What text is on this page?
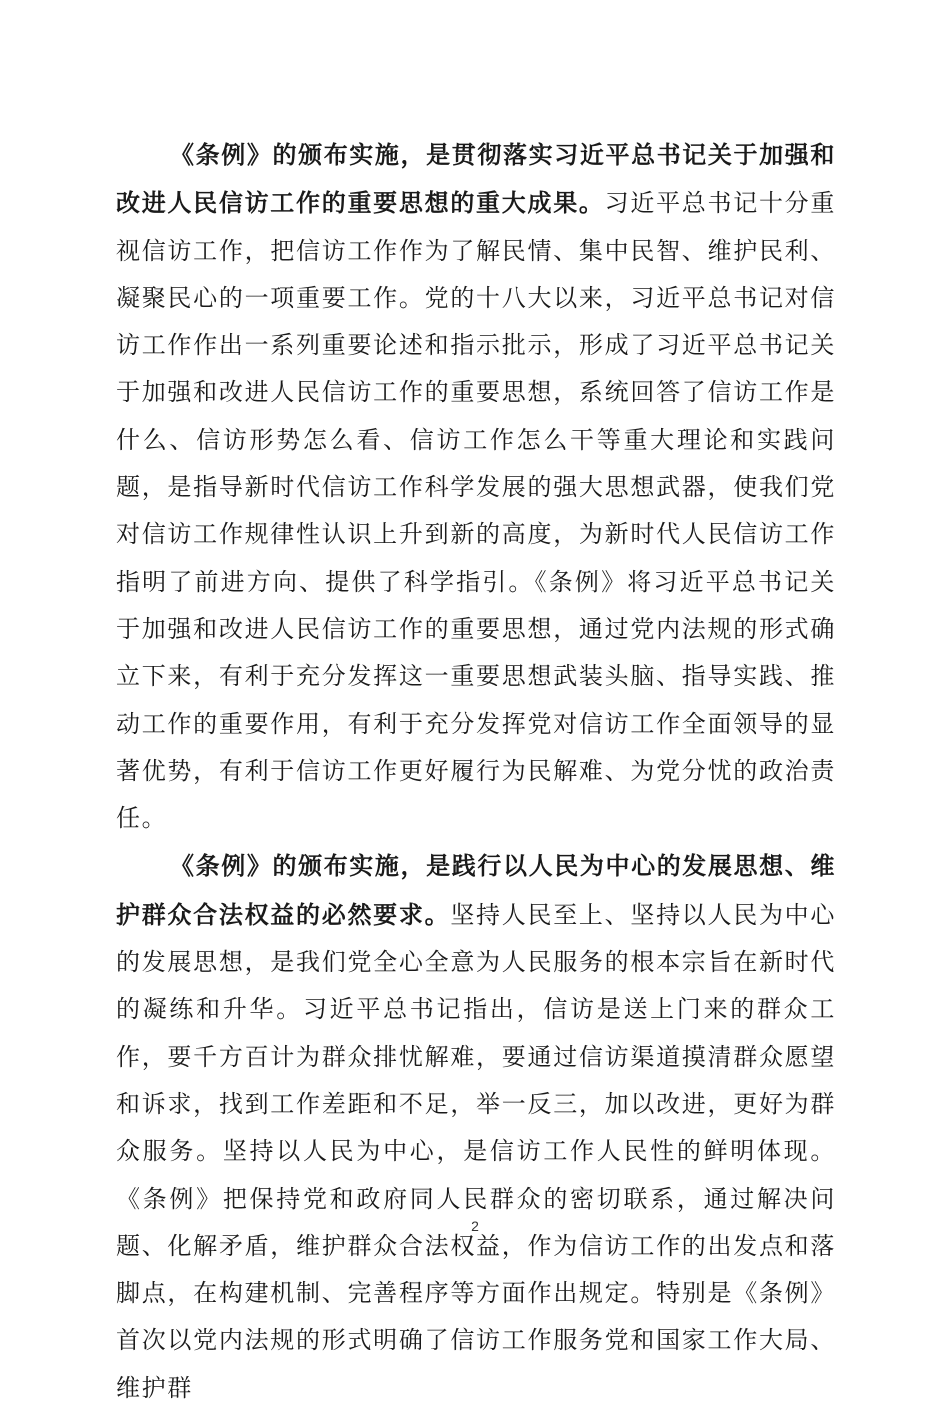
《条例》的颁布实施，是贯彻落实习近平总书记关于加强和改进人民信访工作的重要思想的重大成果。习近平总书记十分重视信访工作，把信访工作作为了解民情、集中民智、维护民利、凝聚民心的一项重要工作。党的十八大以来，习近平总书记对信访工作作出一系列重要论述和指示批示，形成了习近平总书记关于加强和改进人民信访工作的重要思想，系统回答了信访工作是什么、信访形势怎么看、信访工作怎么干等重大理论和实践问题，是指导新时代信访工作科学发展的强大思想武器，使我们党对信访工作规律性认识上升到新的高度，为新时代人民信访工作指明了前进方向、提供了科学指引。《条例》将习近平总书记关于加强和改进人民信访工作的重要思想，通过党内法规的形式确立下来，有利于充分发挥这一重要思想武装头脑、指导实践、推动工作的重要作用，有利于充分发挥党对信访工作全面领导的显著优势，有利于信访工作更好履行为民解难、为党分忧的政治责任。

《条例》的颁布实施，是践行以人民为中心的发展思想、维护群众合法权益的必然要求。坚持人民至上、坚持以人民为中心的发展思想，是我们党全心全意为人民服务的根本宗旨在新时代的凝练和升华。习近平总书记指出，信访是送上门来的群众工作，要千方百计为群众排忧解难，要通过信访渠道摸清群众愿望和诉求，找到工作差距和不足，举一反三，加以改进，更好为群众服务。坚持以人民为中心，是信访工作人民性的鲜明体现。《条例》把保持党和政府同人民群众的密切联系，通过解决问题、化解矛盾，维护群众合法权益，作为信访工作的出发点和落脚点，在构建机制、完善程序等方面作出规定。特别是《条例》首次以党内法规的形式明确了信访工作服务党和国家工作大局、维护群

2
